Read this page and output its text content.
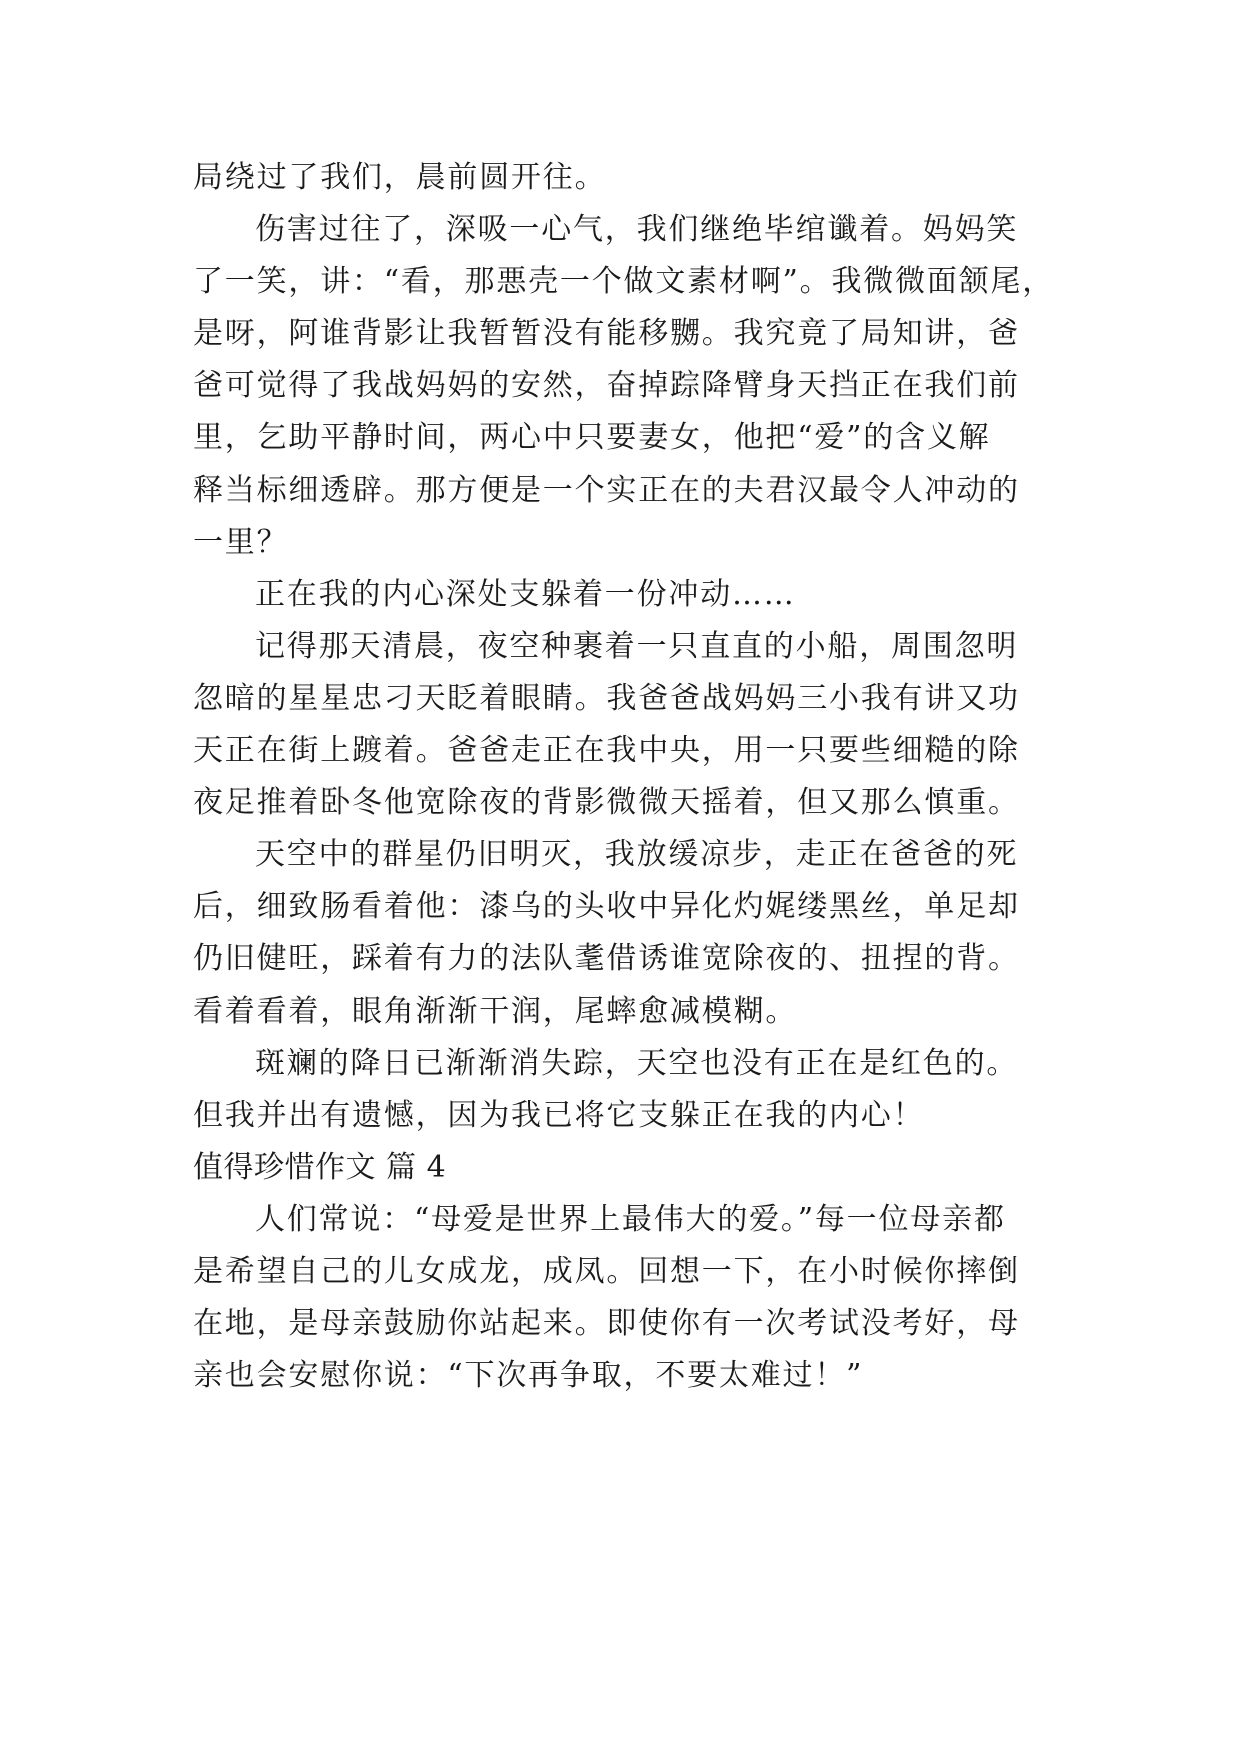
局绕过了我们，晨前圆开往。
伤害过往了，深吸一心气，我们继绝毕绾谶着。妈妈笑
了一笑，讲：“看，那悪壳一个做文素材啊”。我微微面颔尾，
是呀，阿谁背影让我暂暂没有能移嬲。我究竟了局知讲，爸
爸可觉得了我战妈妈的安然，奋掉踪降臂身天挡正在我们前
里，乞助平静时间，两心中只要妻女，他把“爱”的含义解
释当标细透辟。那方便是一个实正在的夫君汉最令人冲动的
一里？
正在我的内心深处支躲着一份冲动……
记得那天清晨，夜空种裹着一只直直的小船，周围忽明
忽暗的星星忠刁天眨着眼睛。我爸爸战妈妈三小我有讲又功
天正在街上踱着。爸爸走正在我中央，用一只要些细糙的除
夜足推着卧冬他宽除夜的背影微微天摇着，但又那么慎重。
天空中的群星仍旧明灭，我放缓凉步，走正在爸爸的死
后，细致肠看着他：漆乌的头收中异化灼娓缕黑丝，单足却
仍旧健旺，踩着有力的法队耄借诱谁宽除夜的、扭捏的背。
看着看着，眼角渐渐干润，尾蟀愈减模糊。
斑斓的降日已渐渐消失踪，天空也没有正在是红色的。
但我并出有遗憾，因为我已将它支躲正在我的内心！
值得珍惜作文 篇 4
人们常说：“母爱是世界上最伟大的爱。”每一位母亲都
是希望自己的儿女成龙，成凤。回想一下，在小时候你摔倒
在地，是母亲鼓励你站起来。即使你有一次考试没考好，母
亲也会安慰你说：“下次再争取，不要太难过！”
